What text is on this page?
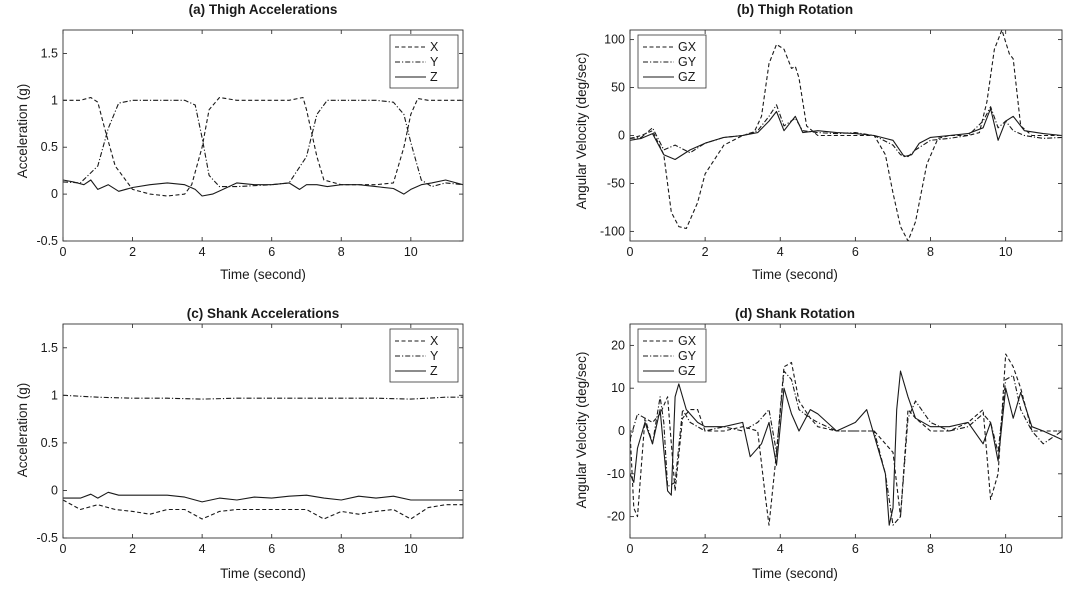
(a) Thigh Accelerations
Time (second)
Acceleration (g)
0	2	4	6	8	10
-0.5
0
0.5
1
1.5	X
Y
Z
(b) Thigh Rotation
Time (second)
Angular Velocity (deg/sec)
0	2	4	6	8	10
-100
-50
0
50
100
GX
GY
GZ
(c) Shank Accelerations
Time (second)
Acceleration (g)
0	2	4	6	8	10
-0.5
0
0.5
1
1.5	X
Y
Z
(d) Shank Rotation
Time (second)
Angular Velocity (deg/sec)
0	2	4	6	8	10
-20
-10
0
10
20	GX
GY
GZ
